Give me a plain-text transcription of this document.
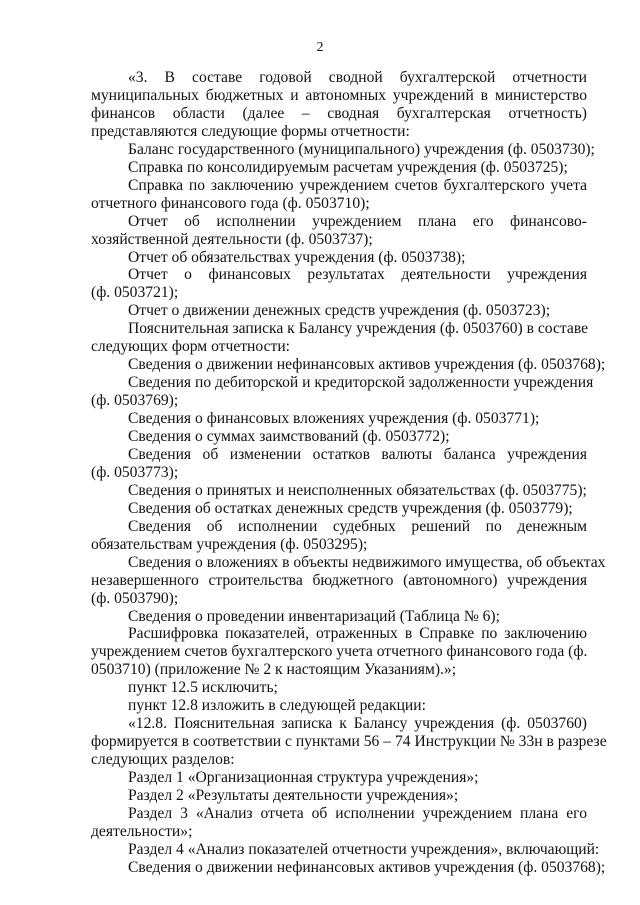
2
«3. В составе годовой сводной бухгалтерской отчетности
муниципальных бюджетных и автономных учреждений в министерство
финансов области (далее – сводная бухгалтерская отчетность)
представляются следующие формы отчетности:
Баланс государственного (муниципального) учреждения (ф. 0503730);
Справка по консолидируемым расчетам учреждения (ф. 0503725);
Справка по заключению учреждением счетов бухгалтерского учета
отчетного финансового года (ф. 0503710);
Отчет об исполнении учреждением плана его финансово-
хозяйственной деятельности (ф. 0503737);
Отчет об обязательствах учреждения (ф. 0503738);
Отчет о финансовых результатах деятельности учреждения
(ф. 0503721);
Отчет о движении денежных средств учреждения (ф. 0503723);
Пояснительная записка к Балансу учреждения (ф. 0503760) в составе
следующих форм отчетности:
Сведения о движении нефинансовых активов учреждения (ф. 0503768);
Сведения по дебиторской и кредиторской задолженности учреждения
(ф. 0503769);
Сведения о финансовых вложениях учреждения (ф. 0503771);
Сведения о суммах заимствований (ф. 0503772);
Сведения об изменении остатков валюты баланса учреждения
(ф. 0503773);
Сведения о принятых и неисполненных обязательствах (ф. 0503775);
Сведения об остатках денежных средств учреждения (ф. 0503779);
Сведения об исполнении судебных решений по денежным
обязательствам учреждения (ф. 0503295);
Сведения о вложениях в объекты недвижимого имущества, об объектах
незавершенного строительства бюджетного (автономного) учреждения
(ф. 0503790);
Сведения о проведении инвентаризаций (Таблица № 6);
Расшифровка показателей, отраженных в Справке по заключению
учреждением счетов бухгалтерского учета отчетного финансового года (ф.
0503710) (приложение № 2 к настоящим Указаниям).»;
пункт 12.5 исключить;
пункт 12.8 изложить в следующей редакции:
«12.8. Пояснительная записка к Балансу учреждения (ф. 0503760)
формируется в соответствии с пунктами 56 – 74 Инструкции № 33н в разрезе
следующих разделов:
Раздел 1 «Организационная структура учреждения»;
Раздел 2 «Результаты деятельности учреждения»;
Раздел 3 «Анализ отчета об исполнении учреждением плана его
деятельности»;
Раздел 4 «Анализ показателей отчетности учреждения», включающий:
Сведения о движении нефинансовых активов учреждения (ф. 0503768);
